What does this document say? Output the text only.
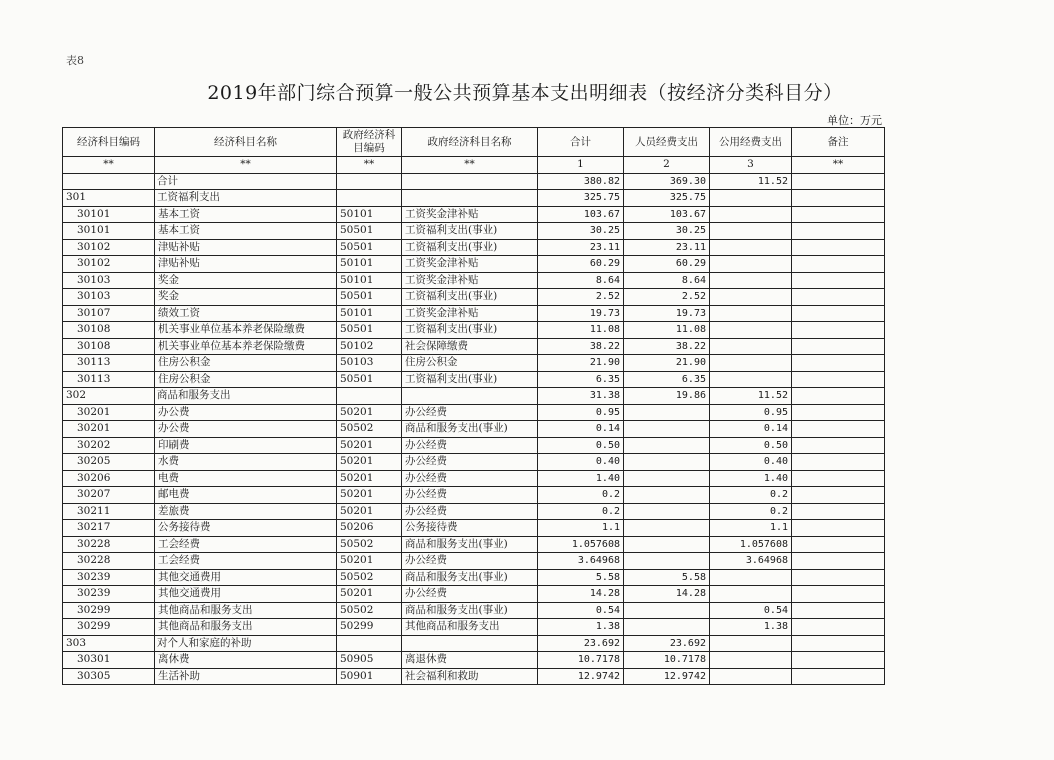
表8
2019年部门综合预算一般公共预算基本支出明细表（按经济分类科目分）
单位：万元
经济科目编码	经济科目名称	政府经济科目编码	政府经济科目名称	合计	人员经费支出	公用经费支出	备注
**	**	**	**	1	2	3	**
	合计			380.82	369.30	11.52	
301	工资福利支出			325.75	325.75		
30101	基本工资	50101	工资奖金津补贴	103.67	103.67		
30101	基本工资	50501	工资福利支出(事业)	30.25	30.25		
30102	津贴补贴	50501	工资福利支出(事业)	23.11	23.11		
30102	津贴补贴	50101	工资奖金津补贴	60.29	60.29		
30103	奖金	50101	工资奖金津补贴	8.64	8.64		
30103	奖金	50501	工资福利支出(事业)	2.52	2.52		
30107	绩效工资	50101	工资奖金津补贴	19.73	19.73		
30108	机关事业单位基本养老保险缴费	50501	工资福利支出(事业)	11.08	11.08		
30108	机关事业单位基本养老保险缴费	50102	社会保障缴费	38.22	38.22		
30113	住房公积金	50103	住房公积金	21.90	21.90		
30113	住房公积金	50501	工资福利支出(事业)	6.35	6.35		
302	商品和服务支出			31.38	19.86	11.52	
30201	办公费	50201	办公经费	0.95		0.95	
30201	办公费	50502	商品和服务支出(事业)	0.14		0.14	
30202	印刷费	50201	办公经费	0.50		0.50	
30205	水费	50201	办公经费	0.40		0.40	
30206	电费	50201	办公经费	1.40		1.40	
30207	邮电费	50201	办公经费	0.2		0.2	
30211	差旅费	50201	办公经费	0.2		0.2	
30217	公务接待费	50206	公务接待费	1.1		1.1	
30228	工会经费	50502	商品和服务支出(事业)	1.057608		1.057608	
30228	工会经费	50201	办公经费	3.64968		3.64968	
30239	其他交通费用	50502	商品和服务支出(事业)	5.58	5.58		
30239	其他交通费用	50201	办公经费	14.28	14.28		
30299	其他商品和服务支出	50502	商品和服务支出(事业)	0.54		0.54	
30299	其他商品和服务支出	50299	其他商品和服务支出	1.38		1.38	
303	对个人和家庭的补助			23.692	23.692		
30301	离休费	50905	离退休费	10.7178	10.7178		
30305	生活补助	50901	社会福利和救助	12.9742	12.9742		
